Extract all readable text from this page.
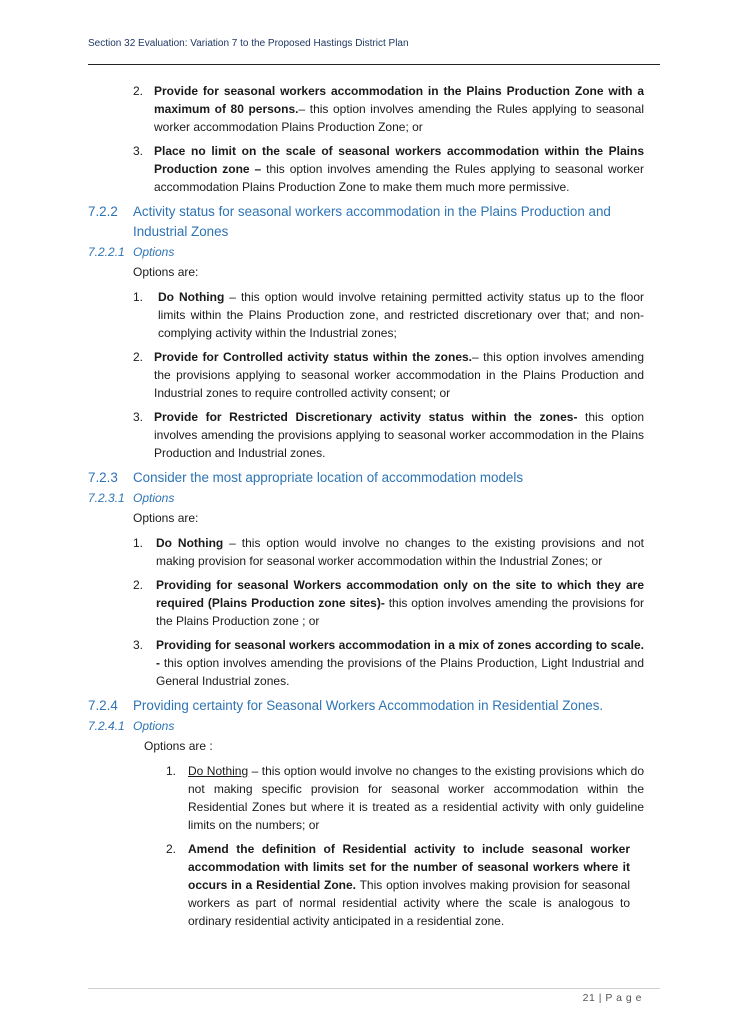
Section 32 Evaluation: Variation 7 to the Proposed Hastings District Plan
2. Provide for seasonal workers accommodation in the Plains Production Zone with a maximum of 80 persons.– this option involves amending the Rules applying to seasonal worker accommodation Plains Production Zone; or
3. Place no limit on the scale of seasonal workers accommodation within the Plains Production zone – this option involves amending the Rules applying to seasonal worker accommodation Plains Production Zone to make them much more permissive.
7.2.2 Activity status for seasonal workers accommodation in the Plains Production and Industrial Zones
7.2.2.1 Options
Options are:
1. Do Nothing – this option would involve retaining permitted activity status up to the floor limits within the Plains Production zone, and restricted discretionary over that; and non-complying activity within the Industrial zones;
2. Provide for Controlled activity status within the zones.– this option involves amending the provisions applying to seasonal worker accommodation in the Plains Production and Industrial zones to require controlled activity consent; or
3. Provide for Restricted Discretionary activity status within the zones- this option involves amending the provisions applying to seasonal worker accommodation in the Plains Production and Industrial zones.
7.2.3 Consider the most appropriate location of accommodation models
7.2.3.1 Options
Options are:
1. Do Nothing – this option would involve no changes to the existing provisions and not making provision for seasonal worker accommodation within the Industrial Zones; or
2. Providing for seasonal Workers accommodation only on the site to which they are required (Plains Production zone sites)- this option involves amending the provisions for the Plains Production zone ; or
3. Providing for seasonal workers accommodation in a mix of zones according to scale. - this option involves amending the provisions of the Plains Production, Light Industrial and General Industrial zones.
7.2.4 Providing certainty for Seasonal Workers Accommodation in Residential Zones.
7.2.4.1 Options
Options are :
1. Do Nothing – this option would involve no changes to the existing provisions which do not making specific provision for seasonal worker accommodation within the Residential Zones but where it is treated as a residential activity with only guideline limits on the numbers; or
2. Amend the definition of Residential activity to include seasonal worker accommodation with limits set for the number of seasonal workers where it occurs in a Residential Zone. This option involves making provision for seasonal workers as part of normal residential activity where the scale is analogous to ordinary residential activity anticipated in a residential zone.
21 | P a g e
